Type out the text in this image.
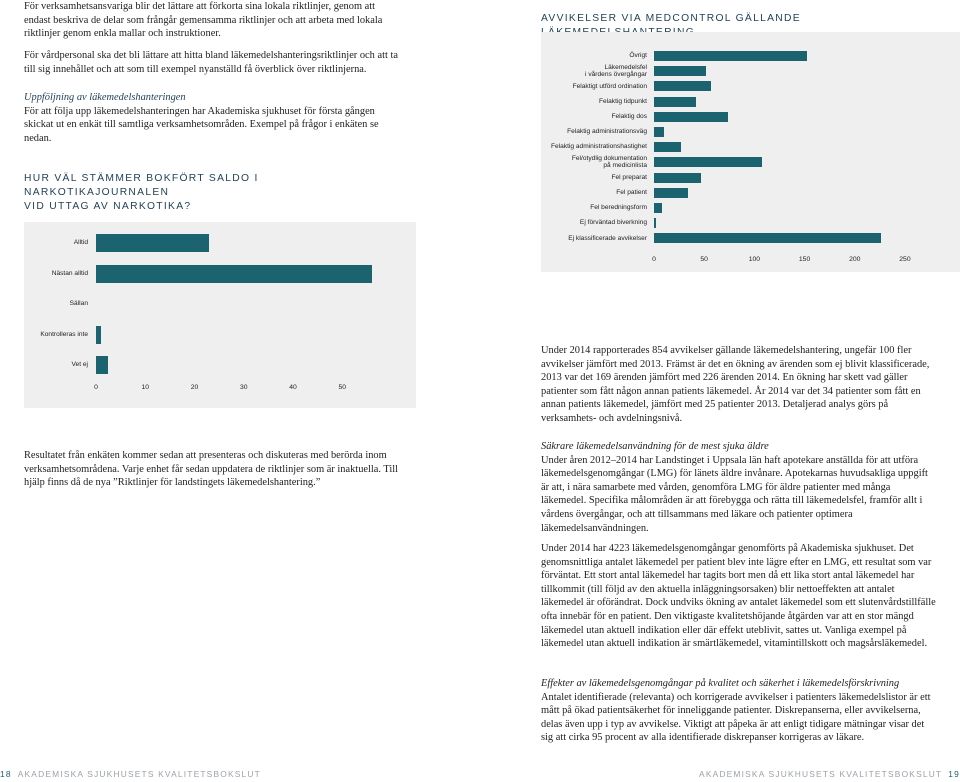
För verksamhetsansvariga blir det lättare att förkorta sina lokala riktlinjer, genom att endast beskriva de delar som frångår gemensamma riktlinjer och att arbeta med lokala riktlinjer genom enkla mallar och instruktioner.

För vårdpersonal ska det bli lättare att hitta bland läkemedelshanteringsriktlinjer och att ta till sig innehållet och att som till exempel nyanställd få överblick över riktlinjerna.

Uppföljning av läkemedelshanteringen

För att följa upp läkemedelshanteringen har Akademiska sjukhuset för första gången skickat ut en enkät till samtliga verksamhetsområden. Exempel på frågor i enkäten se nedan.

HUR VÄL STÄMMER BOKFÖRT SALDO I NARKOTIKAJOURNALEN
VID UTTAG AV NARKOTIKA?
Alltid
Nästan alltid
Sällan
Kontrolleras inte
Vet ej
0	10	20	30	40	50

Resultatet från enkäten kommer sedan att presenteras och diskuteras med berörda inom verksamhetsområdena. Varje enhet får sedan uppdatera de riktlinjer som är inaktuella. Till hjälp finns då de nya ”Riktlinjer för landstingets läkemedelshantering.”

AVVIKELSER VIA MEDCONTROL GÄLLANDE
Övrigt
Läkemedelsfel
i vårdens övergångar
Felaktigt utförd ordination
Felaktig tidpunkt
Felaktig dos
Felaktig administrationsväg
Felaktig administrationshastighet
Fel/otydlig dokumentation
på medicinlista
Fel preparat
Fel patient
Fel beredningsform
Ej förväntad biverkning
Ej klassificerade avvikelser
0	50	100	150	200	250

Under 2014 rapporterades 854 avvikelser gällande läkemedelshantering, ungefär 100 fler avvikelser jämfört med 2013. Främst är det en ökning av ärenden som ej blivit klassificerade, 2013 var det 169 ärenden jämfört med 226 ärenden 2014. En ökning har skett vad gäller patienter som fått någon annan patients läkemedel. År 2014 var det 34 patienter som fått en annan patients läkemedel, jämfört med 25 patienter 2013. Detaljerad analys görs på verksamhets- och avdelningsnivå.

Säkrare läkemedelsanvändning för de mest sjuka äldre

Under åren 2012–2014 har Landstinget i Uppsala län haft apotekare anställda för att utföra läkemedelsgenomgångar (LMG) för länets äldre invånare. Apotekarnas huvudsakliga uppgift är att, i nära samarbete med vården, genomföra LMG för äldre patienter med många läkemedel. Specifika målområden är att förebygga och rätta till läkemedelsfel, framför allt i vårdens övergångar, och att tillsammans med läkare och patienter optimera läkemedelsanvändningen.

Under 2014 har 4223 läkemedelsgenomgångar genomförts på Akademiska sjukhuset. Det genomsnittliga antalet läkemedel per patient blev inte lägre efter en LMG, ett resultat som var förväntat. Ett stort antal läkemedel har tagits bort men då ett lika stort antal läkemedel har tillkommit (till följd av den aktuella inläggningsorsaken) blir nettoeffekten att antalet läkemedel är oförändrat. Dock undviks ökning av antalet läkemedel som ett slutenvårdstillfälle ofta innebär för en patient. Den viktigaste kvalitetshöjande åtgärden var att en stor mängd läkemedel utan aktuell indikation eller där effekt uteblivit, sattes ut. Vanliga exempel på läkemedel utan aktuell indikation är smärtläkemedel, vitamintillskott och magsårsläkemedel.

Effekter av läkemedelsgenomgångar på kvalitet och säkerhet i läkemedelsförskrivning

Antalet identifierade (relevanta) och korrigerade avvikelser i patienters läkemedelslistor är ett mått på ökad patientsäkerhet för inneliggande patienter. Diskrepanserna, eller avvikelserna, delas även upp i typ av avvikelse. Viktigt att påpeka är att enligt tidigare mätningar visar det sig att cirka 95 procent av alla identifierade diskrepanser korrigeras av läkare.

18 AKADEMISKA SJUKHUSETS KVALITETSBOKSLUT	AKADEMISKA SJUKHUSETS KVALITETSBOKSLUT 19
